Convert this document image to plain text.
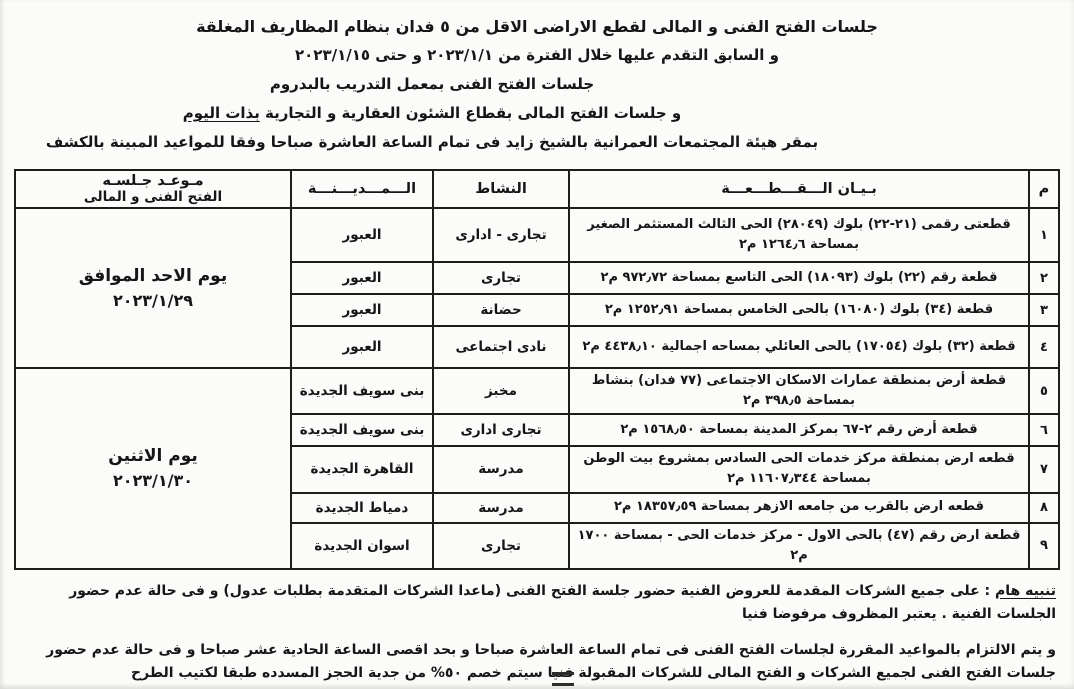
جلسات الفتح الفنى و المالى لقطع الاراضى الاقل من ٥ فدان بنظام المظاريف المغلقة
و السابق التقدم عليها خلال الفترة من ٢٠٢٣/١/١ و حتى ٢٠٢٣/١/١٥
جلسات الفتح الفنى بمعمل التدريب بالبدروم
و جلسات الفتح المالى بقطاع الشئون العقارية و التجارية بذات اليوم
بمقر هيئة المجتمعات العمرانية بالشيخ زايد فى تمام الساعة العاشرة صباحا وفقا للمواعيد المبينة بالكشف
م	بـيـان الـــقـــطـــعـــة	النشاط	الـــمـــديـــنـــة	مـوعـد جـلسـه
الفتح الفنى و المالى

١	قطعتى رقمى (٢١-٢٢) بلوك (٢٨٠٤٩) الحى الثالث المستثمر الصغير بمساحة ١٢٦٤٫٦ م٢	تجارى - ادارى	العبور	يوم الاحد الموافق
٢٠٢٣/١/٢٩

٢	قطعة رقم (٢٢) بلوك (١٨٠٩٣) الحى التاسع بمساحة ٩٧٢٫٧٢ م٢	تجارى	العبور	
٣	قطعة (٣٤) بلوك (١٦٠٨٠) بالحى الخامس بمساحة ١٢٥٢٫٩١ م٢	حضانة	العبور	
٤	قطعة (٣٢) بلوك (١٧٠٥٤) بالحى العائلي بمساحه اجمالية ٤٤٣٨٫١٠ م٢	نادى اجتماعى	العبور	
٥	قطعة أرض بمنطقة عمارات الاسكان الاجتماعى (٧٧ فدان) بنشاط بمساحة ٣٩٨٫٥ م٢	مخبز	بنى سويف الجديدة	يوم الاثنين
٢٠٢٣/١/٣٠

٦	قطعة أرض رقم ٢-٦٧ بمركز المدينة بمساحة ١٥٦٨٫٥٠ م٢	تجارى ادارى	بنى سويف الجديدة	
٧	قطعه ارض بمنطقة مركز خدمات الحى السادس بمشروع بيت الوطن بمساحة ١١٦٠٧٫٣٤٤ م٢	مدرسة	القاهرة الجديدة	
٨	قطعه ارض بالقرب من جامعه الازهر بمساحة ١٨٣٥٧٫٥٩ م٢	مدرسة	دمياط الجديدة	
٩	قطعة ارض رقم (٤٧) بالحى الاول - مركز خدمات الحى - بمساحة ١٧٠٠ م٢	تجارى	اسوان الجديدة	

تنبيه هام : على جميع الشركات المقدمة للعروض الفنية حضور جلسة الفتح الفنى (ماعدا الشركات المتقدمة بطلبات عدول) و فى حالة عدم حضور الجلسات الفنية . يعتبر المظروف مرفوضا فنيا

و يتم الالتزام بالمواعيد المقررة لجلسات الفتح الفنى فى تمام الساعة العاشرة صباحا و بحد اقصى الساعة الحادية عشر صباحا و فى حالة عدم حضور جلسات الفتح الفنى لجميع الشركات و الفتح المالى للشركات المقبولة فنيا سيتم خصم ٥٠% من جدية الحجز المسدده طبقا لكتيب الطرح
